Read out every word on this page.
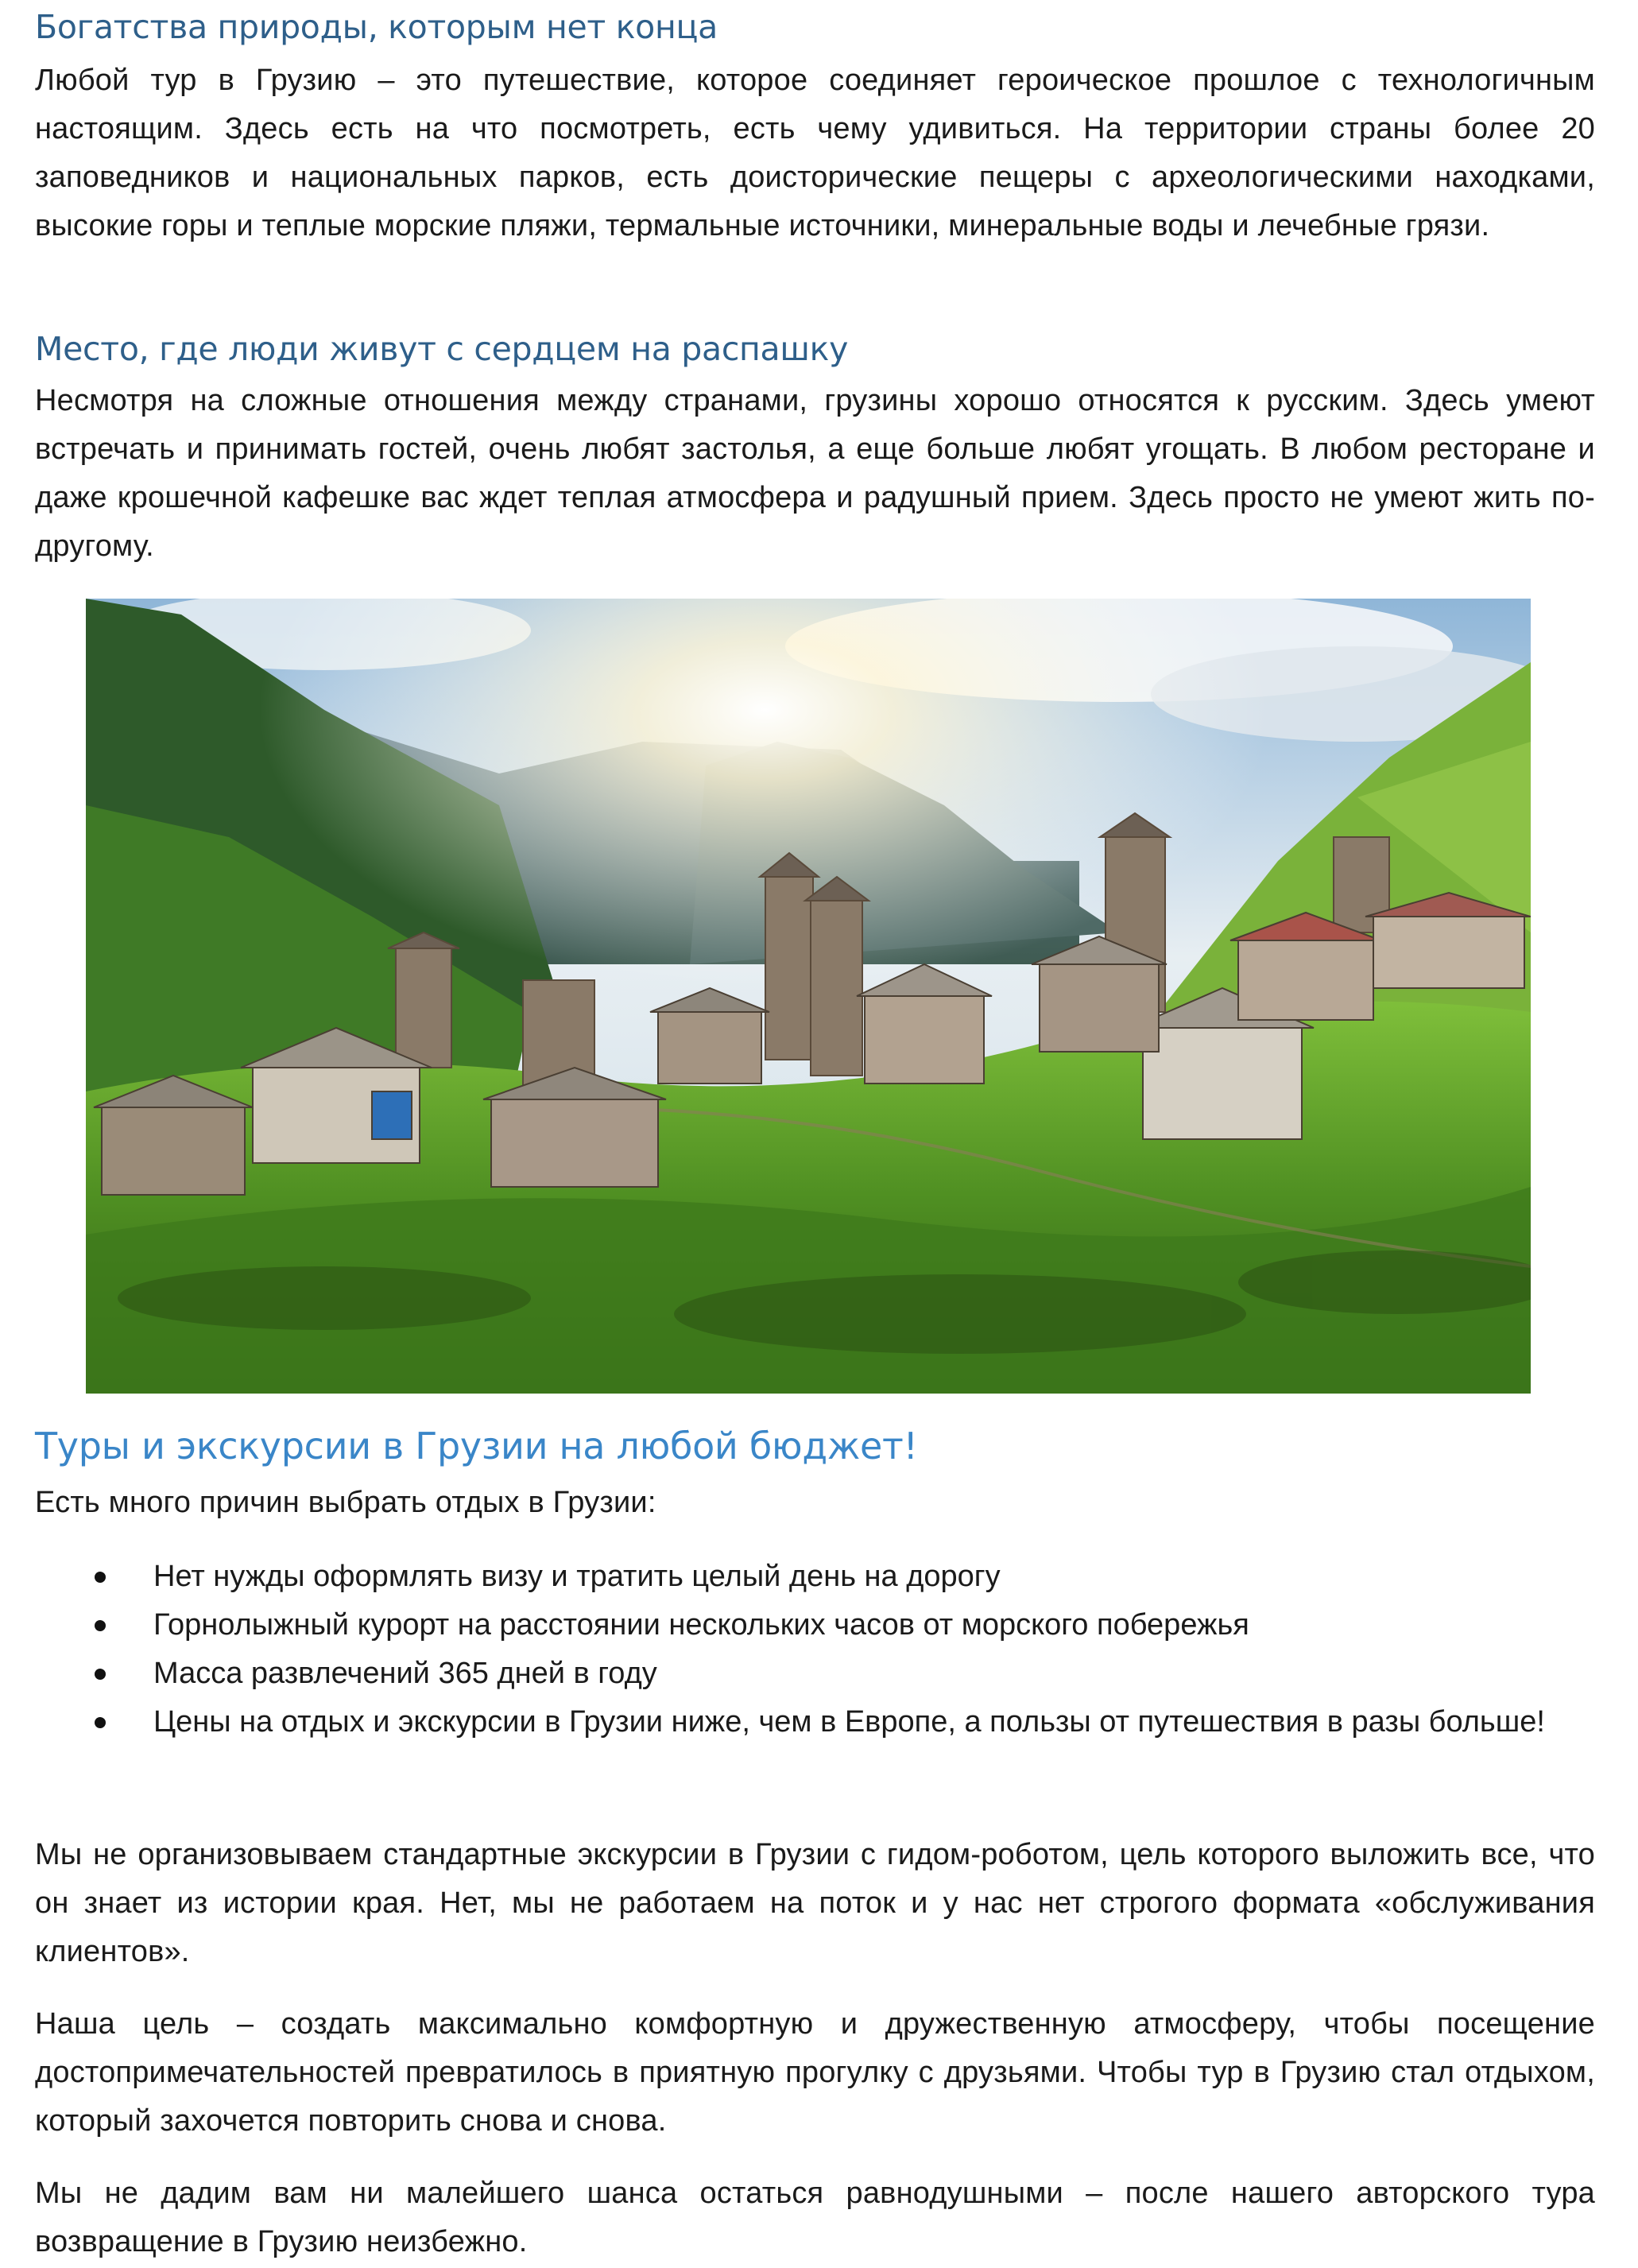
Богатства природы, которым нет конца

Любой тур в Грузию – это путешествие, которое соединяет героическое прошлое с технологичным настоящим. Здесь есть на что посмотреть, есть чему удивиться. На территории страны более 20 заповедников и национальных парков, есть доисторические пещеры с археологическими находками, высокие горы и теплые морские пляжи, термальные источники, минеральные воды и лечебные грязи.

Место, где люди живут с сердцем на распашку

Несмотря на сложные отношения между странами, грузины хорошо относятся к русским. Здесь умеют встречать и принимать гостей, очень любят застолья, а еще больше любят угощать. В любом ресторане и даже крошечной кафешке вас ждет теплая атмосфера и радушный прием. Здесь просто не умеют жить по-другому.

Туры и экскурсии в Грузии на любой бюджет!

Есть много причин выбрать отдых в Грузии:

Нет нужды оформлять визу и тратить целый день на дорогу
Горнолыжный курорт на расстоянии нескольких часов от морского побережья
Масса развлечений 365 дней в году
Цены на отдых и экскурсии в Грузии ниже, чем в Европе, а пользы от путешествия в разы больше!

Мы не организовываем стандартные экскурсии в Грузии с гидом-роботом, цель которого выложить все, что он знает из истории края. Нет, мы не работаем на поток и у нас нет строгого формата «обслуживания клиентов».

Наша цель – создать максимально комфортную и дружественную атмосферу, чтобы посещение достопримечательностей превратилось в приятную прогулку с друзьями. Чтобы тур в Грузию стал отдыхом, который захочется повторить снова и снова.

Мы не дадим вам ни малейшего шанса остаться равнодушными – после нашего авторского тура возвращение в Грузию неизбежно.
